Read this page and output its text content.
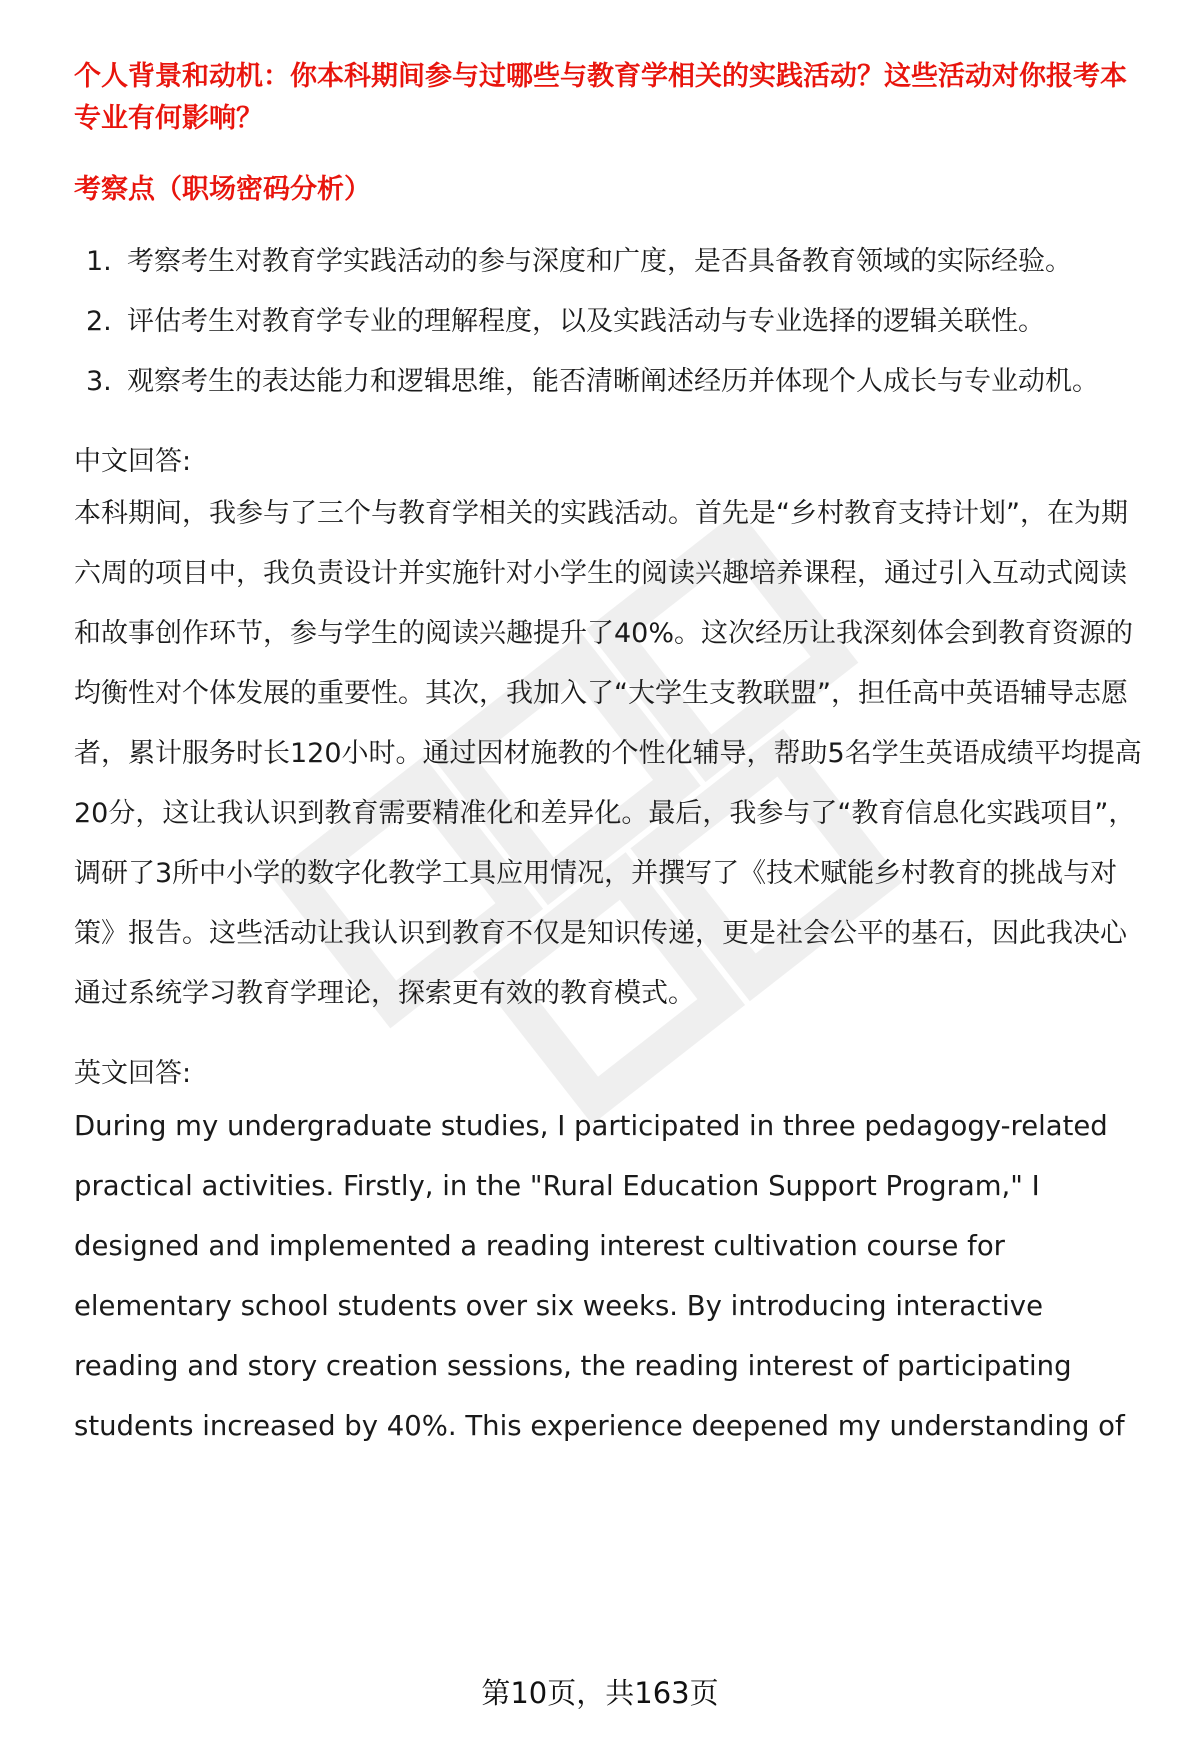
个人背景和动机：你本科期间参与过哪些与教育学相关的实践活动？这些活动对你报考本专业有何影响？

考察点（职场密码分析）
1. 考察考生对教育学实践活动的参与深度和广度，是否具备教育领域的实际经验。
2. 评估考生对教育学专业的理解程度，以及实践活动与专业选择的逻辑关联性。
3. 观察考生的表达能力和逻辑思维，能否清晰阐述经历并体现个人成长与专业动机。
中文回答:

本科期间，我参与了三个与教育学相关的实践活动。首先是“乡村教育支持计划”，在为期六周的项目中，我负责设计并实施针对小学生的阅读兴趣培养课程，通过引入互动式阅读和故事创作环节，参与学生的阅读兴趣提升了40%。这次经历让我深刻体会到教育资源的均衡性对个体发展的重要性。其次，我加入了“大学生支教联盟”，担任高中英语辅导志愿者，累计服务时长120小时。通过因材施教的个性化辅导，帮助5名学生英语成绩平均提高20分，这让我认识到教育需要精准化和差异化。最后，我参与了“教育信息化实践项目”，调研了3所中小学的数字化教学工具应用情况，并撰写了《技术赋能乡村教育的挑战与对策》报告。这些活动让我认识到教育不仅是知识传递，更是社会公平的基石，因此我决心通过系统学习教育学理论，探索更有效的教育模式。

英文回答:

During my undergraduate studies, I participated in three pedagogy-related practical activities. Firstly, in the "Rural Education Support Program," I designed and implemented a reading interest cultivation course for elementary school students over six weeks. By introducing interactive reading and story creation sessions, the reading interest of participating students increased by 40%. This experience deepened my understanding of

第10页，共163页
